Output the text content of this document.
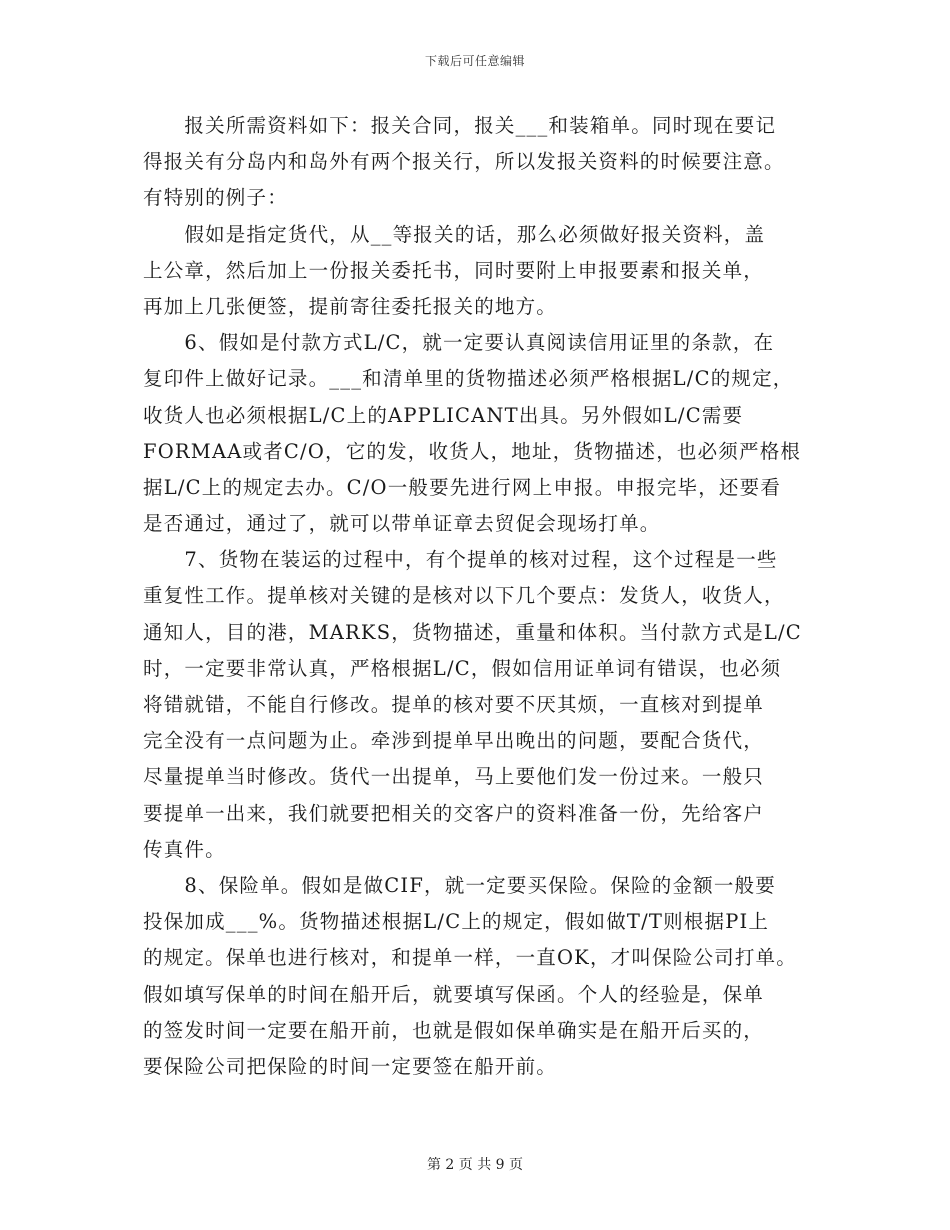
下载后可任意编辑
　　报关所需资料如下：报关合同，报关___和装箱单。同时现在要记
得报关有分岛内和岛外有两个报关行，所以发报关资料的时候要注意。
有特别的例子：
　　假如是指定货代，从__等报关的话，那么必须做好报关资料，盖
上公章，然后加上一份报关委托书，同时要附上申报要素和报关单，
再加上几张便签，提前寄往委托报关的地方。
　　6、假如是付款方式L/C，就一定要认真阅读信用证里的条款，在
复印件上做好记录。___和清单里的货物描述必须严格根据L/C的规定，
收货人也必须根据L/C上的APPLICANT出具。另外假如L/C需要
FORMAA或者C/O，它的发，收货人，地址，货物描述，也必须严格根
据L/C上的规定去办。C/O一般要先进行网上申报。申报完毕，还要看
是否通过，通过了，就可以带单证章去贸促会现场打单。
　　7、货物在装运的过程中，有个提单的核对过程，这个过程是一些
重复性工作。提单核对关键的是核对以下几个要点：发货人，收货人，
通知人，目的港，MARKS，货物描述，重量和体积。当付款方式是L/C
时，一定要非常认真，严格根据L/C，假如信用证单词有错误，也必须
将错就错，不能自行修改。提单的核对要不厌其烦，一直核对到提单
完全没有一点问题为止。牵涉到提单早出晚出的问题，要配合货代，
尽量提单当时修改。货代一出提单，马上要他们发一份过来。一般只
要提单一出来，我们就要把相关的交客户的资料准备一份，先给客户
传真件。
　　8、保险单。假如是做CIF，就一定要买保险。保险的金额一般要
投保加成___%。货物描述根据L/C上的规定，假如做T/T则根据PI上
的规定。保单也进行核对，和提单一样，一直OK，才叫保险公司打单。
假如填写保单的时间在船开后，就要填写保函。个人的经验是，保单
的签发时间一定要在船开前，也就是假如保单确实是在船开后买的，
要保险公司把保险的时间一定要签在船开前。
第 2 页 共 9 页
